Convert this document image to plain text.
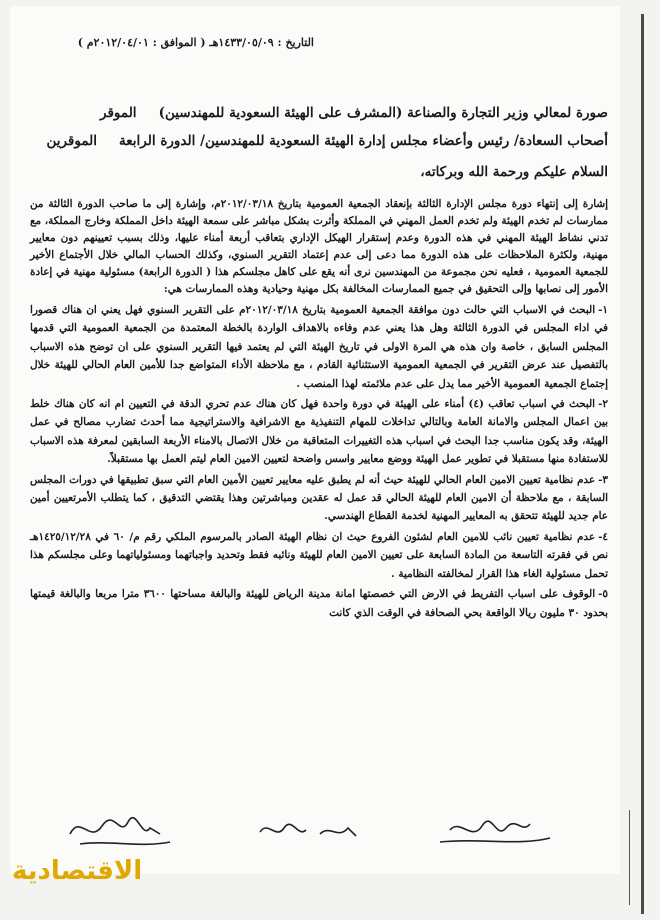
التاريخ : ١٤٣٣/٠٥/٠٩هـ ( الموافق : ٢٠١٢/٠٤/٠١م )
صورة لمعالي وزير التجارة والصناعة (المشرف على الهيئة السعودية للمهندسين)الموقر
أصحاب السعادة/ رئيس وأعضاء مجلس إدارة الهيئة السعودية للمهندسين/ الدورة الرابعةالموقرين
السلام عليكم ورحمة الله وبركاته،

إشارة إلى إنتهاء دورة مجلس الإدارة الثالثة بإنعقاد الجمعية العمومية بتاريخ ٢٠١٢/٠٣/١٨م، وإشارة إلى ما صاحب الدورة الثالثة من ممارسات لم تخدم الهيئة ولم تخدم العمل المهني في المملكة وأثرت بشكل مباشر على سمعة الهيئة داخل المملكة وخارج المملكة، مع تدني نشاط الهيئة المهني في هذه الدورة وعدم إستقرار الهيكل الإداري بتعاقب أربعة أمناء عليها، وذلك بسبب تعيينهم دون معايير مهنية، ولكثرة الملاحظات على هذه الدورة مما دعى إلى عدم إعتماد التقرير السنوي، وكذلك الحساب المالي خلال الأجتماع الأخير للجمعية العمومية ، فعليه نحن مجموعة من المهندسين نرى أنه يقع على كاهل مجلسكم هذا ( الدورة الرابعة) مسئولية مهنية في إعادة الأمور إلى نصابها وإلى التحقيق في جميع الممارسات المخالفة بكل مهنية وحيادية وهذه الممارسات هي:

١-البحث في الاسباب التي حالت دون موافقة الجمعية العمومية بتاريخ ٢٠١٢/٠٣/١٨م على التقرير السنوي فهل يعني ان هناك قصورا في اداء المجلس في الدورة الثالثة وهل هذا يعني عدم وفاءه بالاهداف الواردة بالخطة المعتمدة من الجمعية العمومية التي قدمها المجلس السابق ، خاصة وان هذه هي المرة الاولى في تاريخ الهيئة التي لم يعتمد فيها التقرير السنوي على ان توضح هذه الاسباب بالتفصيل عند عرض التقرير في الجمعية العمومية الاستثنائية القادم ، مع ملاحظة الأداء المتواضع جدا للأمين العام الحالي للهيئة خلال إجتماع الجمعية العمومية الأخير مما يدل على عدم ملائمته لهذا المنصب .

٢-البحث في اسباب تعاقب (٤) أمناء على الهيئة في دورة واحدة فهل كان هناك عدم تحري الدقة في التعيين ام انه كان هناك خلط بين اعمال المجلس والامانة العامة وبالتالي تداخلات للمهام التنفيذية مع الاشرافية والاستراتيجية مما أحدث تضارب مصالح في عمل الهيئة، وقد يكون مناسب جدا البحث في اسباب هذه التغييرات المتعاقبة من خلال الاتصال بالامناء الأربعة السابقين لمعرفة هذه الاسباب للاستفادة منها مستقبلا في تطوير عمل الهيئة ووضع معايير واسس واضحة لتعيين الامين العام ليتم العمل بها مستقبلاً.

٣-عدم نظامية تعيين الامين العام الحالي للهيئة حيث أنه لم يطبق عليه معايير تعيين الأمين العام التي سبق تطبيقها في دورات المجلس السابقة ، مع ملاحظة أن الامين العام للهيئة الحالي قد عمل له عقدين ومباشرتين وهذا يقتضي التدقيق ، كما يتطلب الأمرتعيين أمين عام جديد للهيئة تتحقق به المعايير المهنية لخدمة القطاع الهندسي.

٤-عدم نظامية تعيين نائب للامين العام لشئون الفروع حيث ان نظام الهيئة الصادر بالمرسوم الملكي رقم م/ ٦٠ في ١٤٢٥/١٢/٢٨هـ نص في فقرته التاسعة من المادة السابعة على تعيين الامين العام للهيئة ونائبه فقط وتحديد واجباتهما ومسئولياتهما وعلى مجلسكم هذا تحمل مسئولية الغاء هذا القرار لمخالفته النظامية .

٥-الوقوف على اسباب التفريط في الارض التي خصصتها امانة مدينة الرياض للهيئة والبالغة مساحتها ٣٦٠٠ مترا مربعا والبالغة قيمتها بحدود ٣٠ مليون ريالا الواقعة بحي الصحافة في الوقت الذي كانت

الاقتصادية
